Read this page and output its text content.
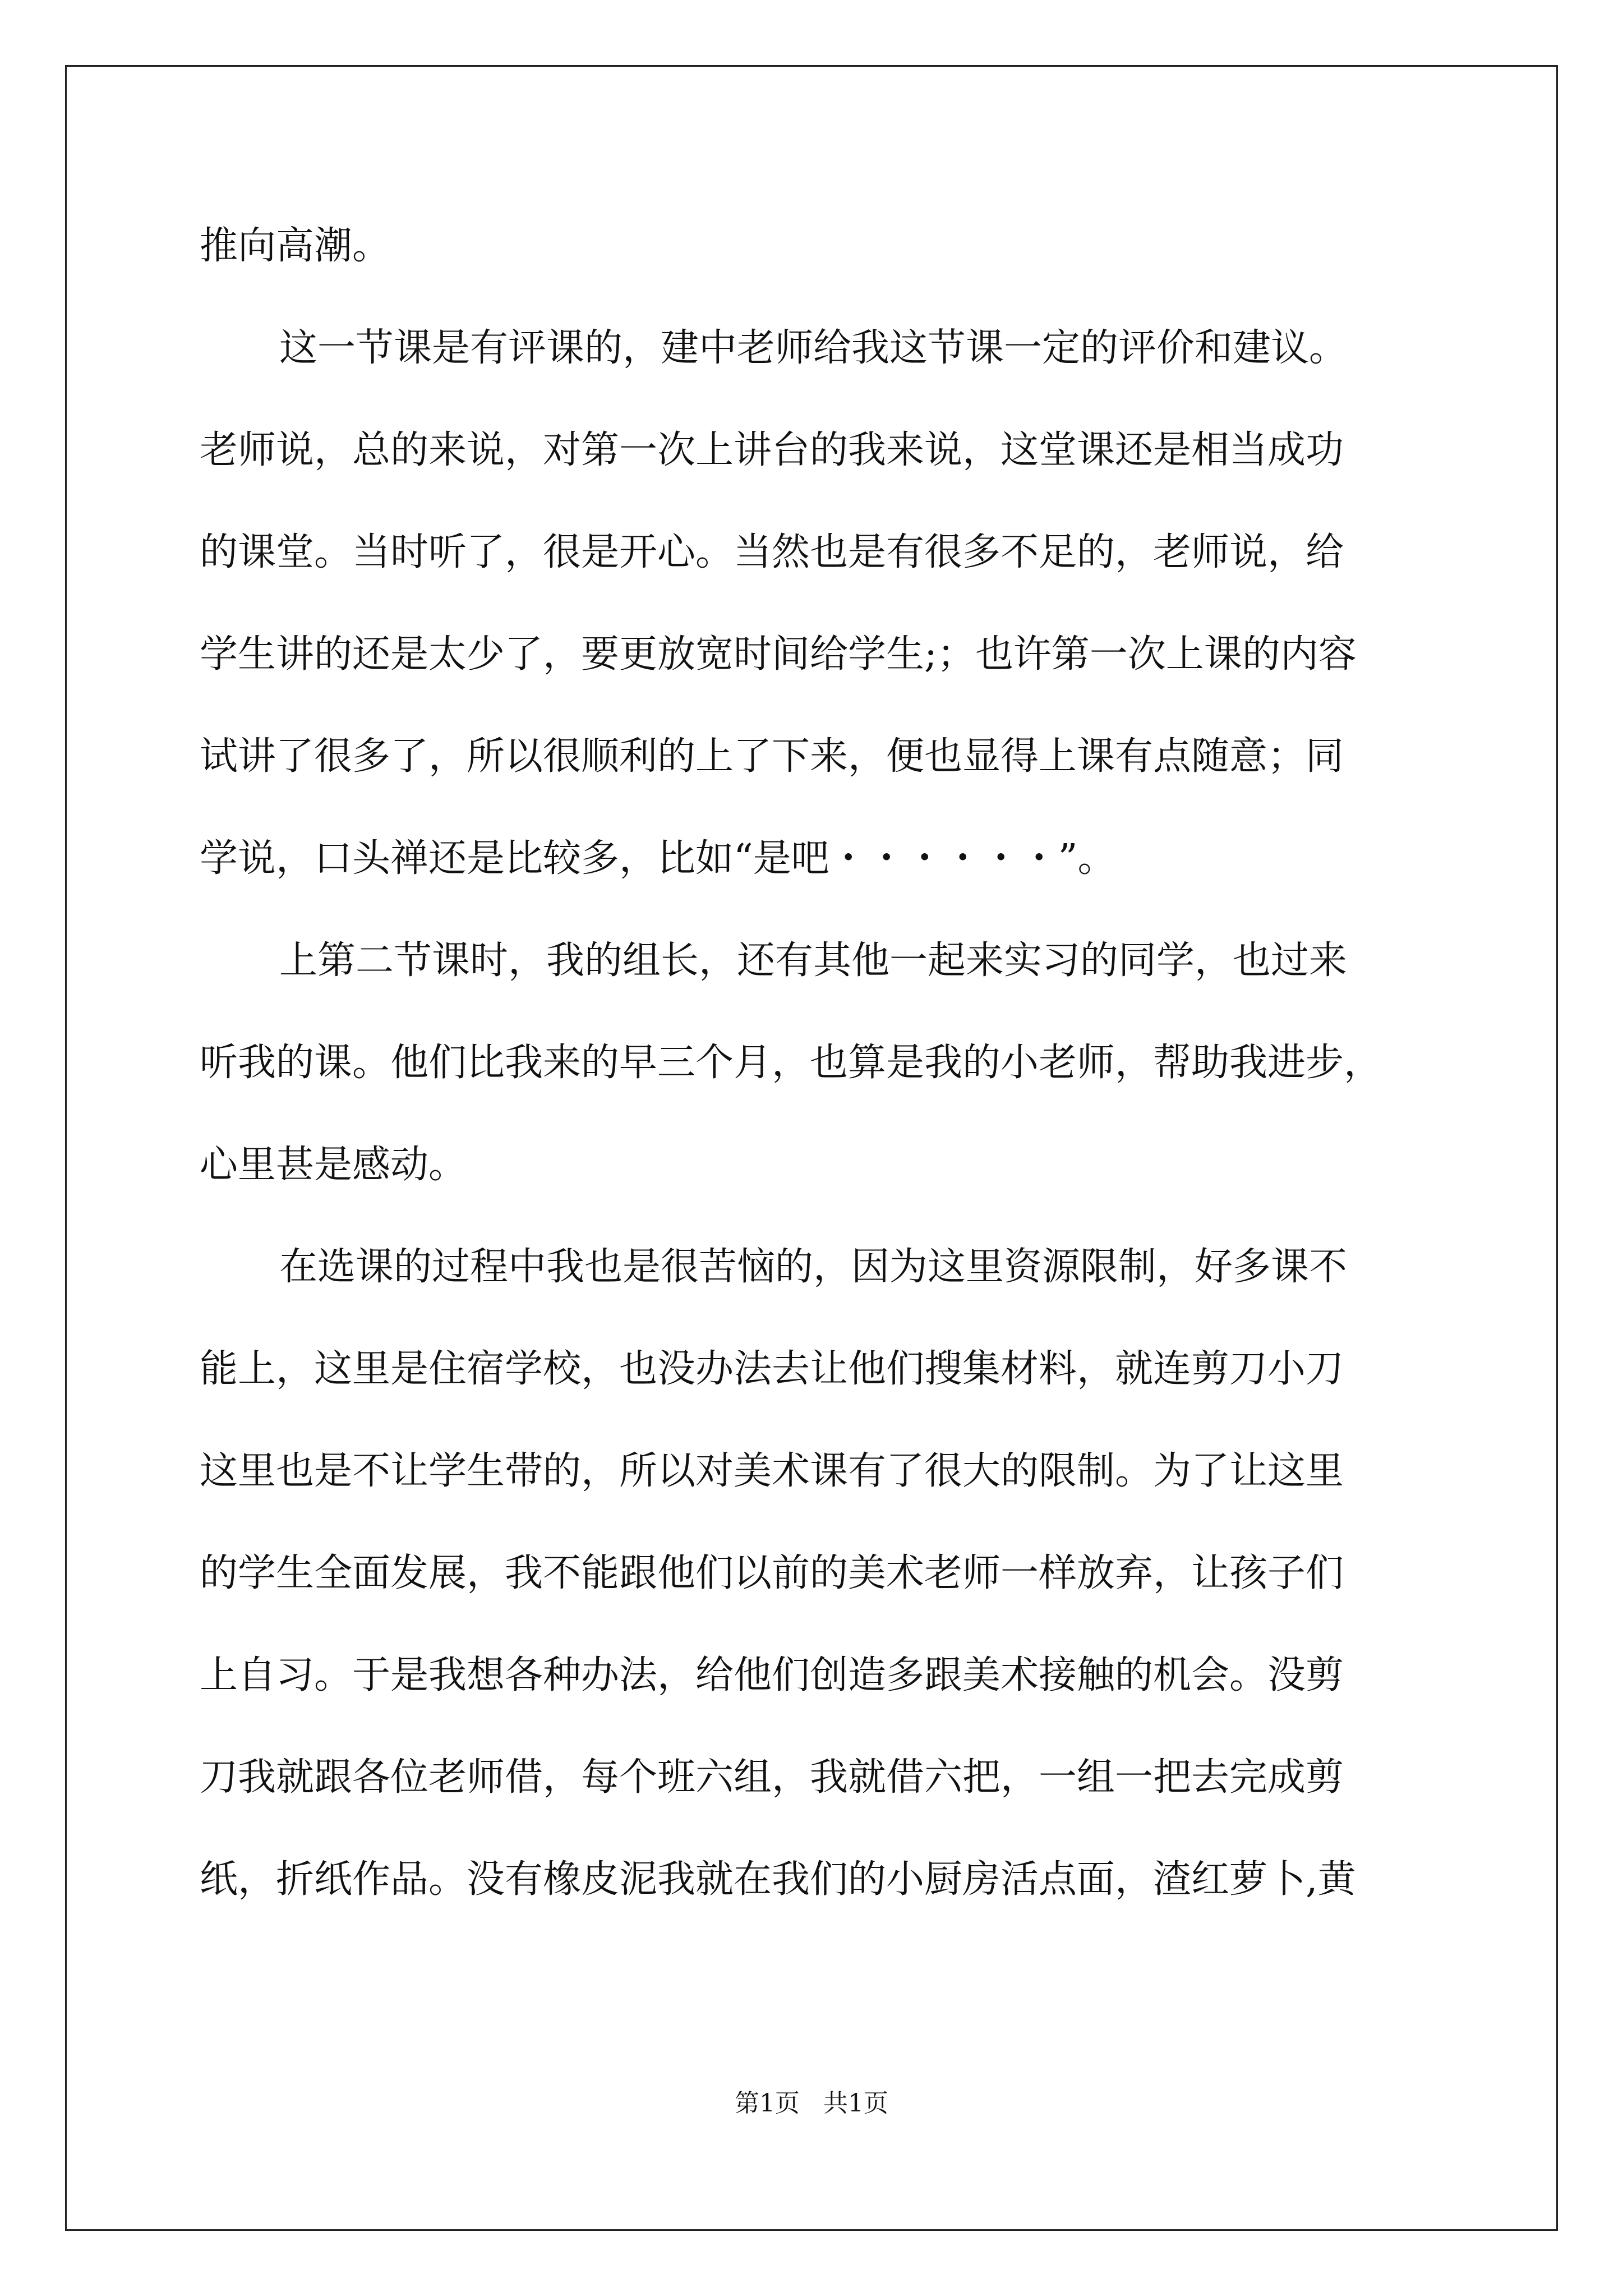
推向高潮。
这一节课是有评课的，建中老师给我这节课一定的评价和建议。
老师说，总的来说，对第一次上讲台的我来说，这堂课还是相当成功
的课堂。当时听了，很是开心。当然也是有很多不足的，老师说，给
学生讲的还是太少了，要更放宽时间给学生;；也许第一次上课的内容
试讲了很多了，所以很顺利的上了下来，便也显得上课有点随意；同
学说，口头禅还是比较多，比如“是吧・・・・・・”。
上第二节课时，我的组长，还有其他一起来实习的同学，也过来
听我的课。他们比我来的早三个月，也算是我的小老师，帮助我进步，
心里甚是感动。
在选课的过程中我也是很苦恼的，因为这里资源限制，好多课不
能上，这里是住宿学校，也没办法去让他们搜集材料，就连剪刀小刀
这里也是不让学生带的，所以对美术课有了很大的限制。为了让这里
的学生全面发展，我不能跟他们以前的美术老师一样放弃，让孩子们
上自习。于是我想各种办法，给他们创造多跟美术接触的机会。没剪
刀我就跟各位老师借，每个班六组，我就借六把，一组一把去完成剪
纸，折纸作品。没有橡皮泥我就在我们的小厨房活点面，渣红萝卜,黄
第1页   共1页
